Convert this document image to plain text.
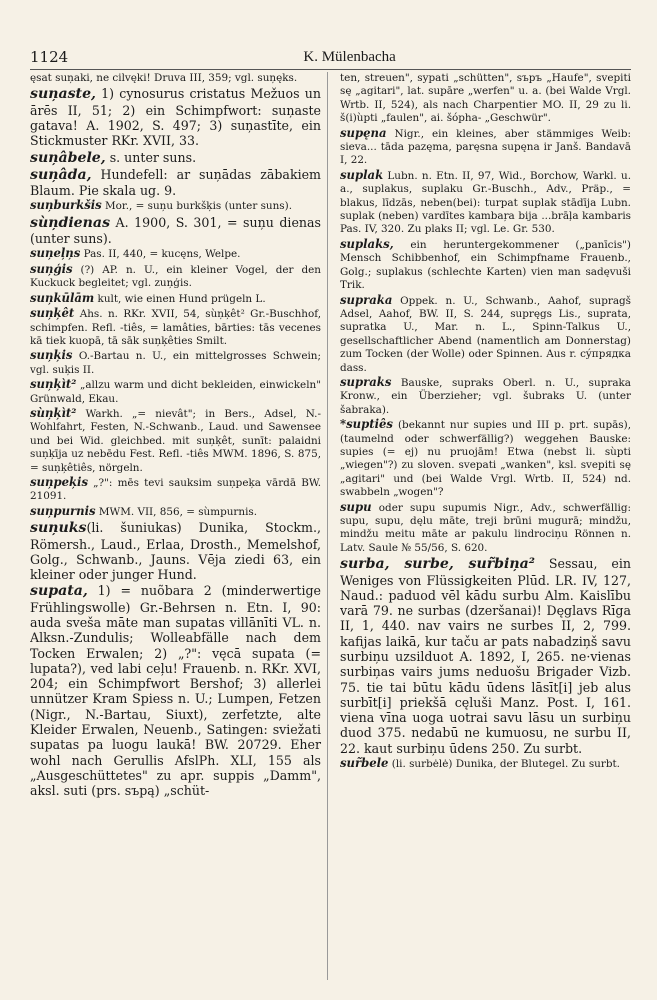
1124	K. Mülenbacha

ęsat suņaki, ne cilvęki! Druva III, 359; vgl. suņęks.

suņaste, 1) cynosurus cristatus Mežuos un ārēs II, 51; 2) ein Schimpfwort: suņaste gatava! A. 1902, S. 497; 3) suņastīte, ein Stickmuster RKr. XVII, 33.

suņâbele, s. unter suns.

suņâda, Hundefell: ar suņādas zābakiem Blaum. Pie skala ug. 9.

suņburkšis Mor., = suņu burkšķis (unter suns).

sùņdienas A. 1900, S. 301, = suņu dienas (unter suns).

suņeļņs Pas. II, 440, = kucęns, Welpe.

suņģis (?) AP. n. U., ein kleiner Vogel, der den Kuckuck begleitet; vgl. zuņģis.

suņkūlām kult, wie einen Hund prügeln L.

suņķêt Ahs. n. RKr. XVII, 54, sùņķêt² Gr.-Buschhof, schimpfen. Refl. -tiês, = lamâties, bārties: tās vecenes kā tiek kuopā, tā sāk suņķêties Smilt.

suņķis O.-Bartau n. U., ein mittelgrosses Schwein; vgl. suķis II.

suņķìt² „allzu warm und dicht bekleiden, einwickeln" Grünwald, Ekau.

sùņķìt² Warkh. „= nievât"; in Bers., Adsel, N.-Wohlfahrt, Festen, N.-Schwanb., Laud. und Sawensee und bei Wid. gleichbed. mit suņķêt, sunīt: palaidni suņķīja uz nebēdu Fest. Refl. -tiês MWM. 1896, S. 875, = suņķêtiês, nörgeln.

suņpeķis „?": mēs tevi sauksim suņpeķa vārdā BW. 21091.

suņpurnis MWM. VII, 856, = sùmpurnis.

suņuks(li. šuniukas) Dunika, Stockm., Römersh., Laud., Erlaa, Drosth., Memelshof, Golg., Schwanb., Jauns. Vēja ziedi 63, ein kleiner oder junger Hund.

supata, 1) = nuõbara 2 (minderwertige Frühlingswolle) Gr.-Behrsen n. Etn. I, 90: auda sveša māte man supatas villānīti VL. n. Alksn.-Zundulis; Wolleabfälle nach dem Tocken Erwalen; 2) „?": vęcā supata (= lupata?), ved labi ceļu! Frauenb. n. RKr. XVI, 204; ein Schimpfwort Bershof; 3) allerlei unnützer Kram Spiess n. U.; Lumpen, Fetzen (Nigr., N.-Bartau, Siuxt), zerfetzte, alte Kleider Erwalen, Neuenb., Satingen: sviežati supatas pa luogu laukā! BW. 20729. Eher wohl nach Gerullis AfslPh. XLI, 155 als „Ausgeschüttetes" zu apr. suppis „Damm", aksl. suti (prs. sъpą) „schüt-

ten, streuen", sypati „schütten", sъpъ „Haufe", svepiti sę „agitari", lat. supāre „werfen" u. a. (bei Walde Vrgl. Wrtb. II, 524), als nach Charpentier MO. II, 29 zu li. š(i)ùpti „faulen", ai. šópha- „Geschwür".

supęna Nigr., ein kleines, aber stämmiges Weib: sieva... tāda pazęma, paręsna supęna ir Janš. Bandavā I, 22.

suplak Lubn. n. Etn. II, 97, Wid., Borchow, Warkl. u. a., suplakus, suplaku Gr.-Buschh., Adv., Präp., = blakus, līdzās, neben(bei): turpat suplak stādīja Lubn. suplak (neben) vardītes kambaŗa bija ...brāļa kambaris Pas. IV, 320. Zu plaks II; vgl. Le. Gr. 530.

suplaks, ein heruntergekommener („panīcis") Mensch Schibbenhof, ein Schimpfname Frauenb., Golg.; suplakus (schlechte Karten) vien man sadęvuši Trik.

supraka Oppek. n. U., Schwanb., Aahof, supragš Adsel, Aahof, BW. II, S. 244, supręgs Lis., suprata, supratka U., Mar. n. L., Spinn-Talkus U., gesellschaftlicher Abend (namentlich am Donnerstag) zum Tocken (der Wolle) oder Spinnen. Aus r. cýпрядка dass.

supraks Bauske, supraks Oberl. n. U., supraka Kronw., ein Überzieher; vgl. šubraks U. (unter šabraka).

*suptiês (bekannt nur supies und III p. prt. supās), (taumelnd oder schwerfällig?) weggehen Bauske: supies (= ej) nu pruojām! Etwa (nebst li. sùpti „wiegen"?) zu sloven. svepati „wanken", ksl. svepiti sę „agitari" und (bei Walde Vrgl. Wrtb. II, 524) nd. swabbeln „wogen"?

supu oder supu supumis Nigr., Adv., schwerfällig: supu, supu, dęlu māte, treji brūni mugurā; mindžu, mindžu meitu māte ar pakulu lindrociņu Rönnen n. Latv. Saule № 55/56, S. 620.

surba, surbe, sur̃biņa² Sessau, ein Weniges von Flüssigkeiten Plūd. LR. IV, 127, Naud.: paduod vēl kādu surbu Alm. Kaislību varā 79. ne surbas (dzeršanai)! Dęglavs Rīga II, 1, 440. nav vairs ne surbes II, 2, 799. kafijas laikā, kur taču ar pats nabadziņš savu surbiņu uzsilduot A. 1892, I, 265. ne·vienas surbiņas vairs jums neduošu Brigader Vizb. 75. tie tai būtu kādu ūdens lāsīt[i] jeb alus surbīt[i] priekšā cęluši Manz. Post. I, 161. viena vīna uoga uotrai savu lāsu un surbiņu duod 375. nedabū ne kumuosu, ne surbu II, 22. kaut surbiņu ūdens 250. Zu surbt.

sur̃bele (li. surbėlė) Dunika, der Blutegel. Zu surbt.
